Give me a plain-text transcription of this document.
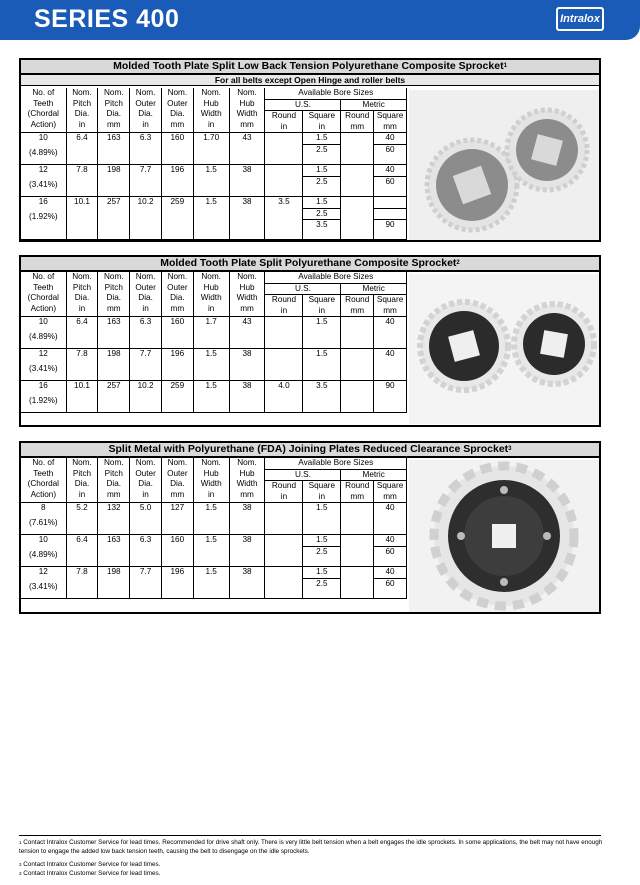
SERIES 400	Intralox
Molded Tooth Plate Split Low Back Tension Polyurethane Composite Sprocket$^1$
For all belts except Open Hinge and roller belts
No. of
Teeth
(Chordal
Action)	Nom.
Pitch
Dia.
in	Nom.
Pitch
Dia.
mm	Nom.
Outer
Dia.
in	Nom.
Outer
Dia.
mm	Nom.
Hub
Width
in	Nom.
Hub
Width
mm	Available Bore Sizes			
							U.S.		Metric	

							Round
in	Square
in	Round
mm	Square
mm

10
(4.89%)	6.4	163	6.3	160	1.70	43		1.5
2.5		40
60

12
(3.41%)	7.8	198	7.7	196	1.5	38		1.5
2.5		40
60

16
(1.92%)	10.1	257	10.2	259	1.5	38	3.5	1.5
2.5
3.5		90
Molded Tooth Plate Split Polyurethane Composite Sprocket$^2$
No. of
Teeth
(Chordal
Action)	Nom.
Pitch
Dia.
in	Nom.
Pitch
Dia.
mm	Nom.
Outer
Dia.
in	Nom.
Outer
Dia.
mm	Nom.
Hub
Width
in	Nom.
Hub
Width
mm	Available Bore Sizes			
							U.S.		Metric	

							Round
in	Square
in	Round
mm	Square
mm

10
(4.89%)	6.4	163	6.3	160	1.7	43		1.5		40

12
(3.41%)	7.8	198	7.7	196	1.5	38		1.5		40

16
(1.92%)	10.1	257	10.2	259	1.5	38	4.0	3.5		90
Split Metal with Polyurethane (FDA) Joining Plates Reduced Clearance Sprocket$^3$
No. of
Teeth
(Chordal
Action)	Nom.
Pitch
Dia.
in	Nom.
Pitch
Dia.
mm	Nom.
Outer
Dia.
in	Nom.
Outer
Dia.
mm	Nom.
Hub
Width
in	Nom.
Hub
Width
mm	Available Bore Sizes			
							U.S.		Metric	

							Round
in	Square
in	Round
mm	Square
mm

8
(7.61%)	5.2	132	5.0	127	1.5	38		1.5		40

10
(4.89%)	6.4	163	6.3	160	1.5	38		1.5
2.5		40
60

12
(3.41%)	7.8	198	7.7	196	1.5	38		1.5
2.5		40
60
$^1$ Contact Intralox Customer Service for lead times. Recommended for drive shaft only. There is very little belt tension when a belt engages the idle sprockets. In some applications, the belt may not have enough tension to engage the added low back tension teeth, causing the belt to disengage on the idle sprockets.
$^2$ Contact Intralox Customer Service for lead times.
$^3$ Contact Intralox Customer Service for lead times.
